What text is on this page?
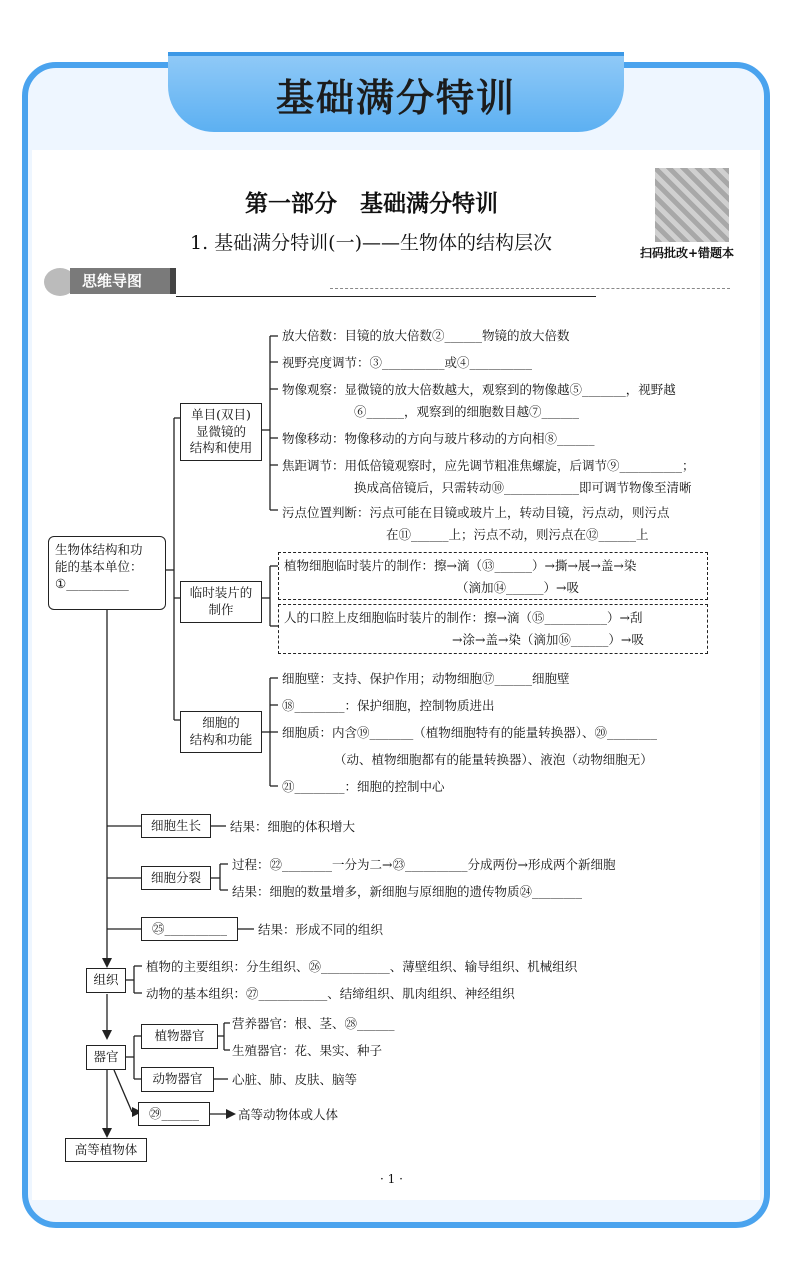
基础满分特训
第一部分　基础满分特训
1. 基础满分特训(一)——生物体的结构层次	扫码批改+错题本
思维导图
生物体结构和功
能的基本单位：
①__________
单目(双目)
显微镜的
结构和使用
放大倍数：目镜的放大倍数②______物镜的放大倍数
视野亮度调节：③__________或④__________
物像观察：显微镜的放大倍数越大，观察到的物像越⑤_______，视野越
⑥______，观察到的细胞数目越⑦______
物像移动：物像移动的方向与玻片移动的方向相⑧______
焦距调节：用低倍镜观察时，应先调节粗准焦螺旋，后调节⑨__________；
换成高倍镜后，只需转动⑩____________即可调节物像至清晰
污点位置判断：污点可能在目镜或玻片上，转动目镜，污点动，则污点
在⑪______上；污点不动，则污点在⑫______上
临时装片的
制作
植物细胞临时装片的制作：擦→滴（⑬______）→撕→展→盖→染
（滴加⑭______）→吸
人的口腔上皮细胞临时装片的制作：擦→滴（⑮__________）→刮
→涂→盖→染（滴加⑯______）→吸
细胞的
结构和功能
细胞壁：支持、保护作用；动物细胞⑰______细胞壁
⑱________：保护细胞，控制物质进出
细胞质：内含⑲_______（植物细胞特有的能量转换器）、⑳________
（动、植物细胞都有的能量转换器）、液泡（动物细胞无）
㉑________：细胞的控制中心
细胞生长	结果：细胞的体积增大
细胞分裂
过程：㉒________一分为二→㉓__________分成两份→形成两个新细胞
结果：细胞的数量增多，新细胞与原细胞的遗传物质㉔________
㉕__________	结果：形成不同的组织
组织
植物的主要组织：分生组织、㉖___________、薄壁组织、输导组织、机械组织
动物的基本组织：㉗___________、结缔组织、肌肉组织、神经组织
器官
植物器官
营养器官：根、茎、㉘______
生殖器官：花、果实、种子
动物器官	心脏、肺、皮肤、脑等
㉙______	高等动物体或人体
高等植物体
· 1 ·
